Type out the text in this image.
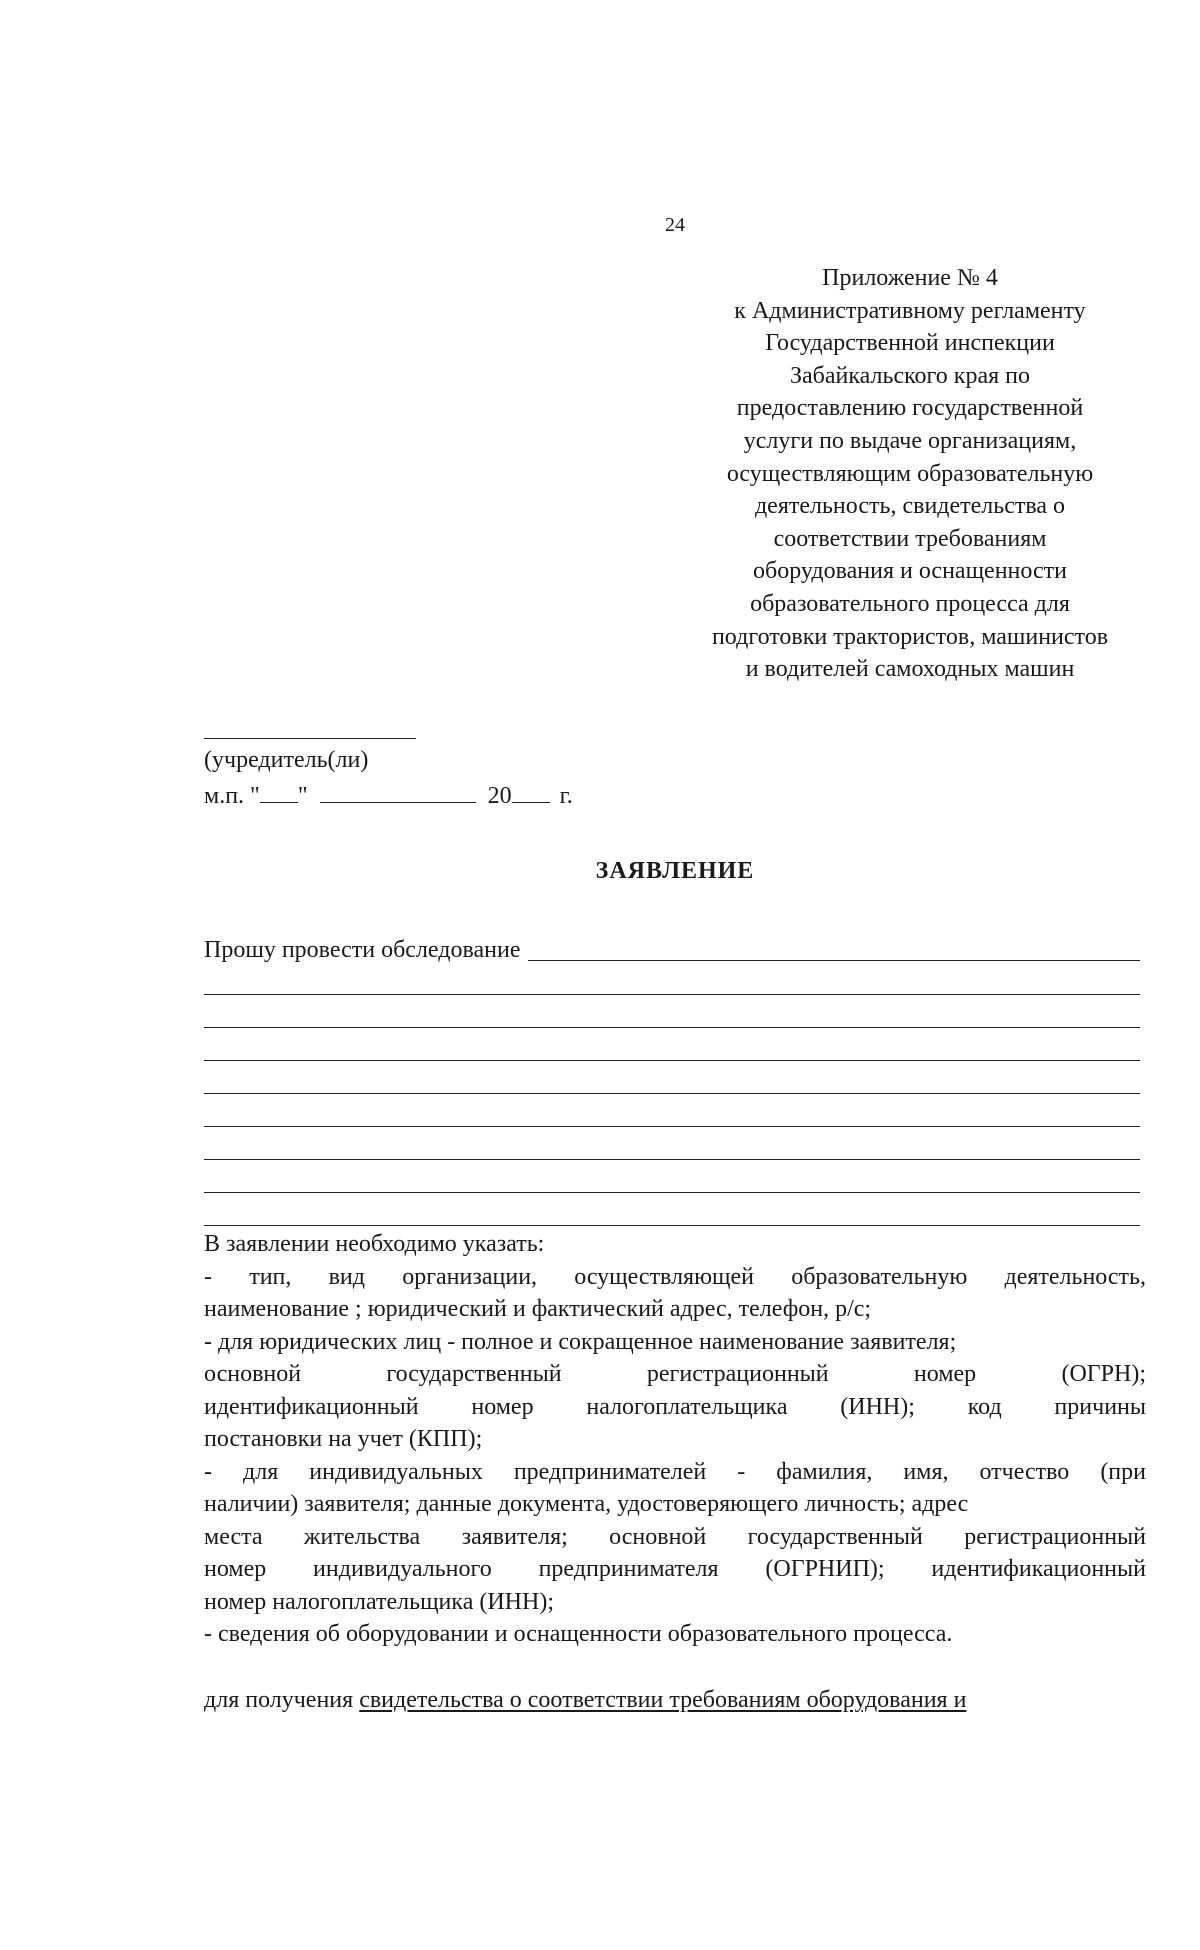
24
Приложение № 4
к Административному регламенту
Государственной инспекции
Забайкальского края по
предоставлению государственной
услуги по выдаче организациям,
осуществляющим образовательную
деятельность, свидетельства о
соответствии требованиям
оборудования и оснащенности
образовательного процесса для
подготовки трактористов, машинистов
и водителей самоходных машин
(учредитель(ли)
м.п. " "	20 г.
ЗАЯВЛЕНИЕ
Прошу провести обследование

В заявлении необходимо указать:

- тип, вид организации, осуществляющей образовательную деятельность,

наименование ; юридический и фактический адрес, телефон, р/с;

- для юридических лиц - полное и сокращенное наименование заявителя;

основной государственный регистрационный номер (ОГРН);

идентификационный номер налогоплательщика (ИНН); код причины

постановки на учет (КПП);

- для индивидуальных предпринимателей - фамилия, имя, отчество (при

наличии) заявителя; данные документа, удостоверяющего личность; адрес

места жительства заявителя; основной государственный регистрационный

номер индивидуального предпринимателя (ОГРНИП); идентификационный

номер налогоплательщика (ИНН);

- сведения об оборудовании и оснащенности образовательного процесса.

для получения свидетельства о соответствии требованиям оборудования и
